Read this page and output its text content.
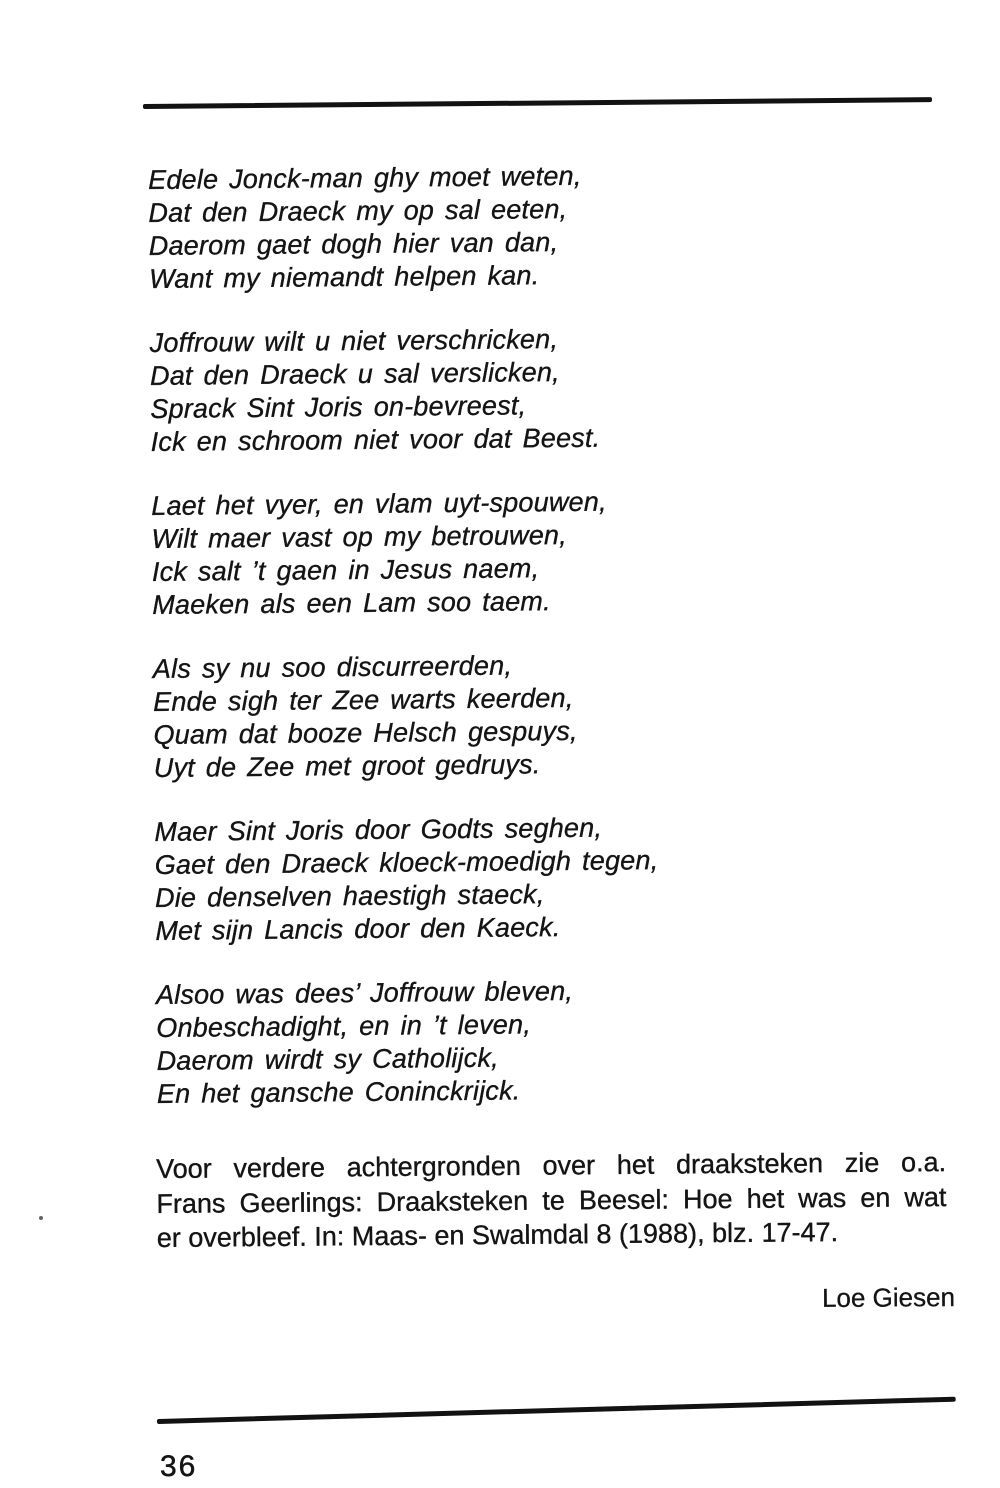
Edele Jonck-man ghy moet weten,
Dat den Draeck my op sal eeten,
Daerom gaet dogh hier van dan,
Want my niemandt helpen kan.
Joffrouw wilt u niet verschricken,
Dat den Draeck u sal verslicken,
Sprack Sint Joris on-bevreest,
Ick en schroom niet voor dat Beest.
Laet het vyer, en vlam uyt-spouwen,
Wilt maer vast op my betrouwen,
Ick salt ’t gaen in Jesus naem,
Maeken als een Lam soo taem.
Als sy nu soo discurreerden,
Ende sigh ter Zee warts keerden,
Quam dat booze Helsch gespuys,
Uyt de Zee met groot gedruys.
Maer Sint Joris door Godts seghen,
Gaet den Draeck kloeck-moedigh tegen,
Die denselven haestigh staeck,
Met sijn Lancis door den Kaeck.
Alsoo was dees’ Joffrouw bleven,
Onbeschadight, en in ’t leven,
Daerom wirdt sy Catholijck,
En het gansche Coninckrijck.
Voor verdere achtergronden over het draaksteken zie o.a.
Frans Geerlings: Draaksteken te Beesel: Hoe het was en wat
er overbleef. In: Maas- en Swalmdal 8 (1988), blz. 17-47.
Loe Giesen
36
